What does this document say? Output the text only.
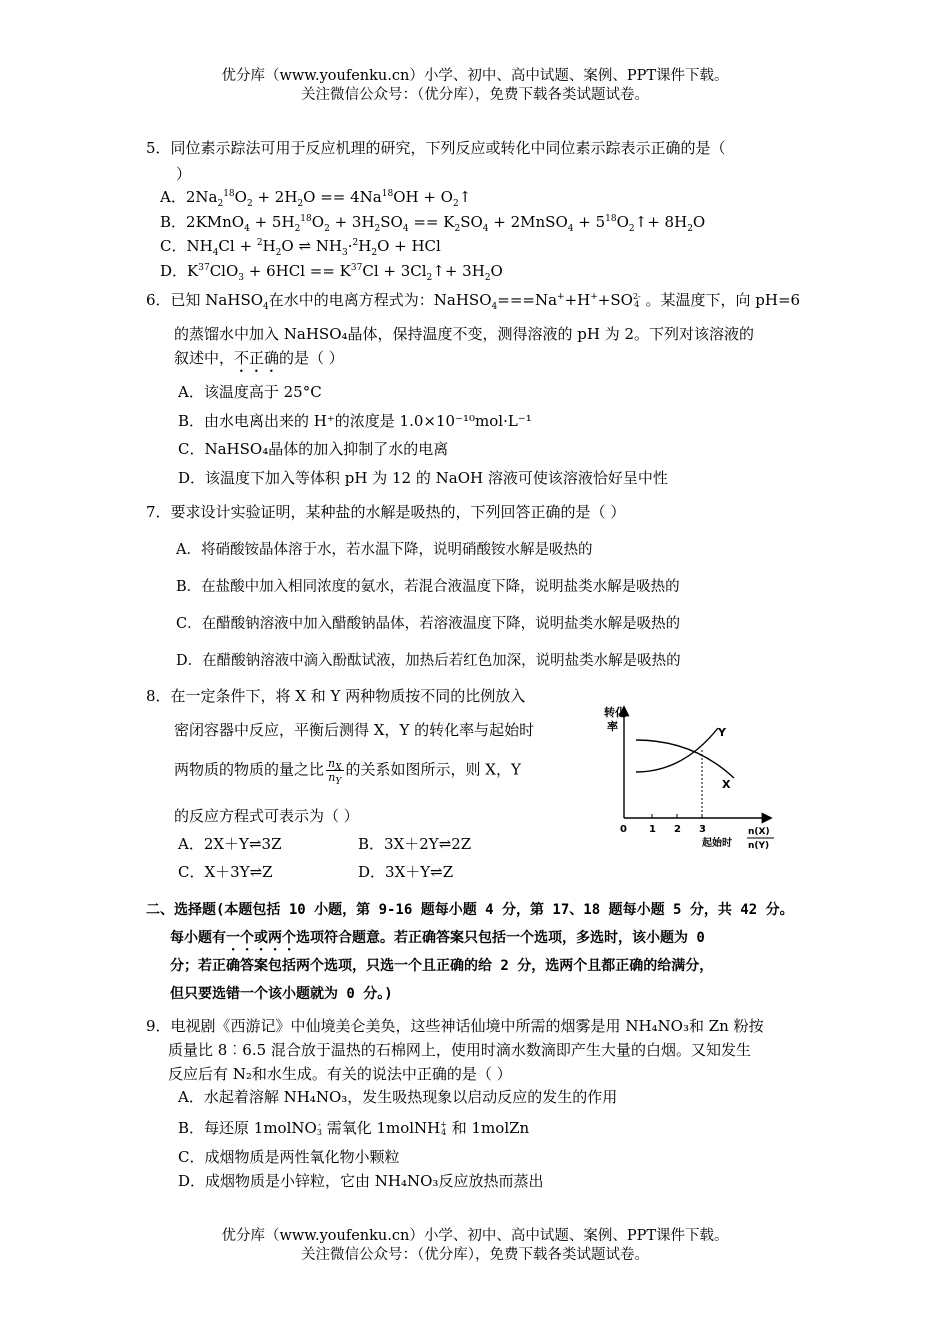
优分库（www.youfenku.cn）小学、初中、高中试题、案例、PPT课件下载。
关注微信公众号：（优分库），免费下载各类试题试卷。
5．同位素示踪法可用于反应机理的研究，下列反应或转化中同位素示踪表示正确的是（
）
A．$2Na_2^{18}O_2 + 2H_2O == 4Na^{18}OH$ + $O_2↑$
B．2KMnO$_4$ + $5H_2^{18}O_2 + 3H_2SO_4 == K_2SO_4$ + 2MnSO$_4$ + $5^{18}O_2↑+ 8H_2O$
C．$NH_4Cl + ^2H_2O$ ⇌ $NH_3\cdot^2H_2O$ + HCl
D．$K^{37}ClO_3 + 6HCl == K^{37}Cl$ + $3Cl_2↑+ 3H_2O$
6．已知 NaHSO$_4$在水中的电离方程式为：NaHSO$_4$===Na++H++SO2-
4 。某温度下，向 pH=6
的蒸馏水中加入 NaHSO₄晶体，保持温度不变，测得溶液的 pH 为 2。下列对该溶液的
叙述中，不正确的是（ ）
A．该温度高于 25°C
B．由水电离出来的 H⁺的浓度是 1.0×10⁻¹⁰mol·L⁻¹
C．NaHSO₄晶体的加入抑制了水的电离
D．该温度下加入等体积 pH 为 12 的 NaOH 溶液可使该溶液恰好呈中性
7．要求设计实验证明，某种盐的水解是吸热的，下列回答正确的是（ ）
A．将硝酸铵晶体溶于水，若水温下降，说明硝酸铵水解是吸热的
B．在盐酸中加入相同浓度的氨水，若混合液温度下降，说明盐类水解是吸热的
C．在醋酸钠溶液中加入醋酸钠晶体，若溶液温度下降，说明盐类水解是吸热的
D．在醋酸钠溶液中滴入酚酞试液，加热后若红色加深，说明盐类水解是吸热的
8．在一定条件下，将 X 和 Y 两种物质按不同的比例放入
密闭容器中反应，平衡后测得 X，Y 的转化率与起始时
两物质的物质的量之比 $\frac{n_X}{n_Y}$ 的关系如图所示，则 X，Y
的反应方程式可表示为（ ）
A．2X＋Y⇌3Z	B．3X＋2Y⇌2Z
C．X＋3Y⇌Z	D．3X＋Y⇌Z
转化
率	Y
X
0 1 2 3
起始时
n(X)
n(Y)
二、选择题(本题包括 10 小题，第 9-16 题每小题 4 分，第 17、18 题每小题 5 分，共 42 分。
每小题有一个或两个选项符合题意。若正确答案只包括一个选项，多选时，该小题为 0
分；若正确答案包括两个选项，只选一个且正确的给 2 分，选两个且都正确的给满分，
但只要选错一个该小题就为 0 分。)
9．电视剧《西游记》中仙境美仑美奂，这些神话仙境中所需的烟雾是用 NH₄NO₃和 Zn 粉按
质量比 8︰6.5 混合放于温热的石棉网上，使用时滴水数滴即产生大量的白烟。又知发生
反应后有 N₂和水生成。有关的说法中正确的是（ ）
A．水起着溶解 NH₄NO₃，发生吸热现象以启动反应的发生的作用
B．每还原 1molNO-
3 需氧化 1molNH+
4 和 1molZn
C．成烟物质是两性氧化物小颗粒
D．成烟物质是小锌粒，它由 NH₄NO₃反应放热而蒸出
优分库（www.youfenku.cn）小学、初中、高中试题、案例、PPT课件下载。
关注微信公众号：（优分库），免费下载各类试题试卷。
